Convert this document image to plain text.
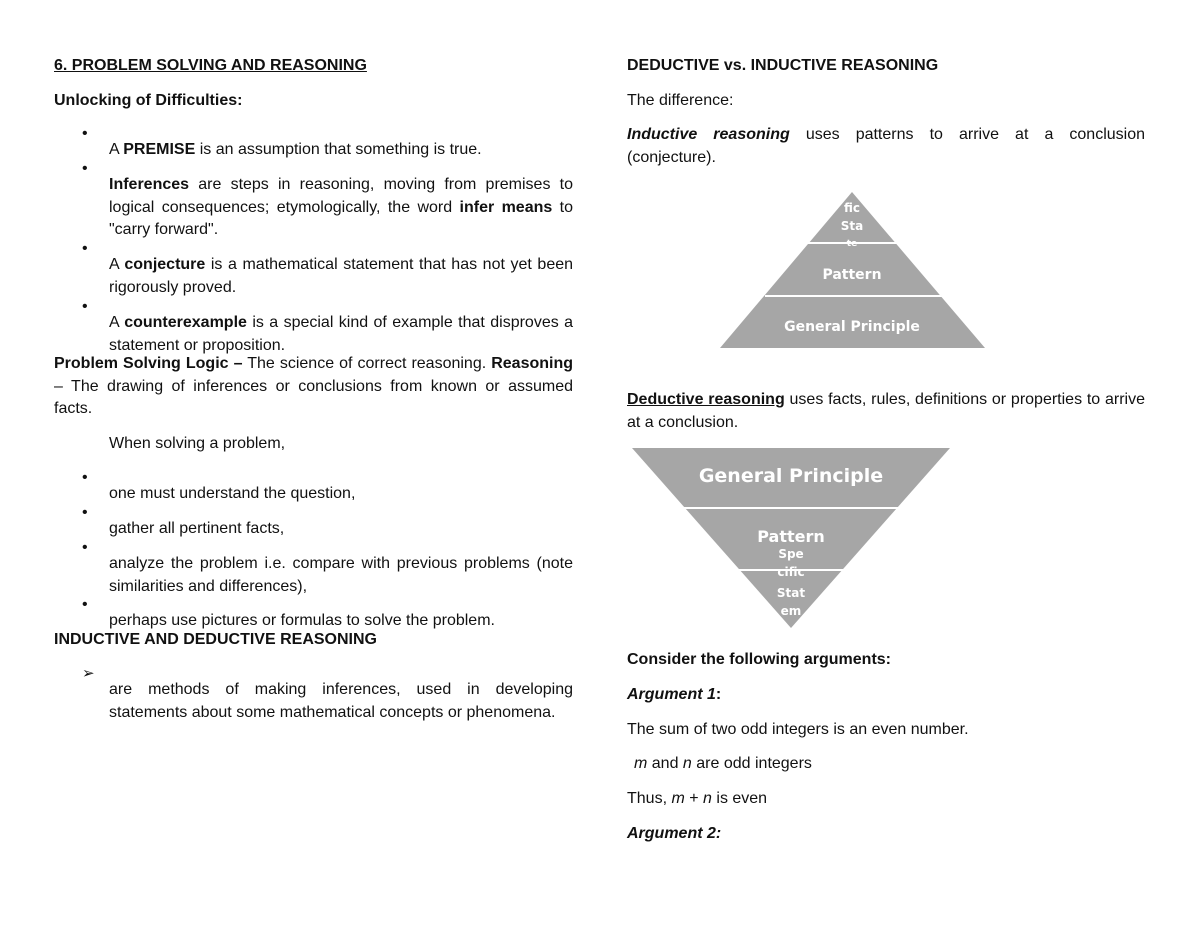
6. PROBLEM SOLVING AND REASONING

Unlocking of Difficulties:

•

A PREMISE is an assumption that something is true.

•

Inferences are steps in reasoning, moving from premises to logical consequences; etymologically, the word infer means to "carry forward".

•

A conjecture is a mathematical statement that has not yet been rigorously proved.

•

A counterexample is a special kind of example that disproves a statement or proposition.

Problem Solving Logic – The science of correct reasoning. Reasoning – The drawing of inferences or conclusions from known or assumed facts.

When solving a problem,

•

one must understand the question,

•

gather all pertinent facts,

•

analyze the problem i.e. compare with previous problems (note similarities and differences),

•

perhaps use pictures or formulas to solve the problem.

INDUCTIVE AND DEDUCTIVE REASONING

➢

are methods of making inferences, used in developing statements about some mathematical concepts or phenomena.

DEDUCTIVE vs. INDUCTIVE REASONING

The difference:

Inductive reasoning uses patterns to arrive at a conclusion (conjecture).

Deductive reasoning uses facts, rules, definitions or properties to arrive at a conclusion.

Consider the following arguments:

Argument 1:

The sum of two odd integers is an even number.

m and n are odd integers

Thus, m + n is even

Argument 2:

fic
Sta
te
Pattern
General Principle
General Principle
Pattern
Spe
cific
Stat
em
